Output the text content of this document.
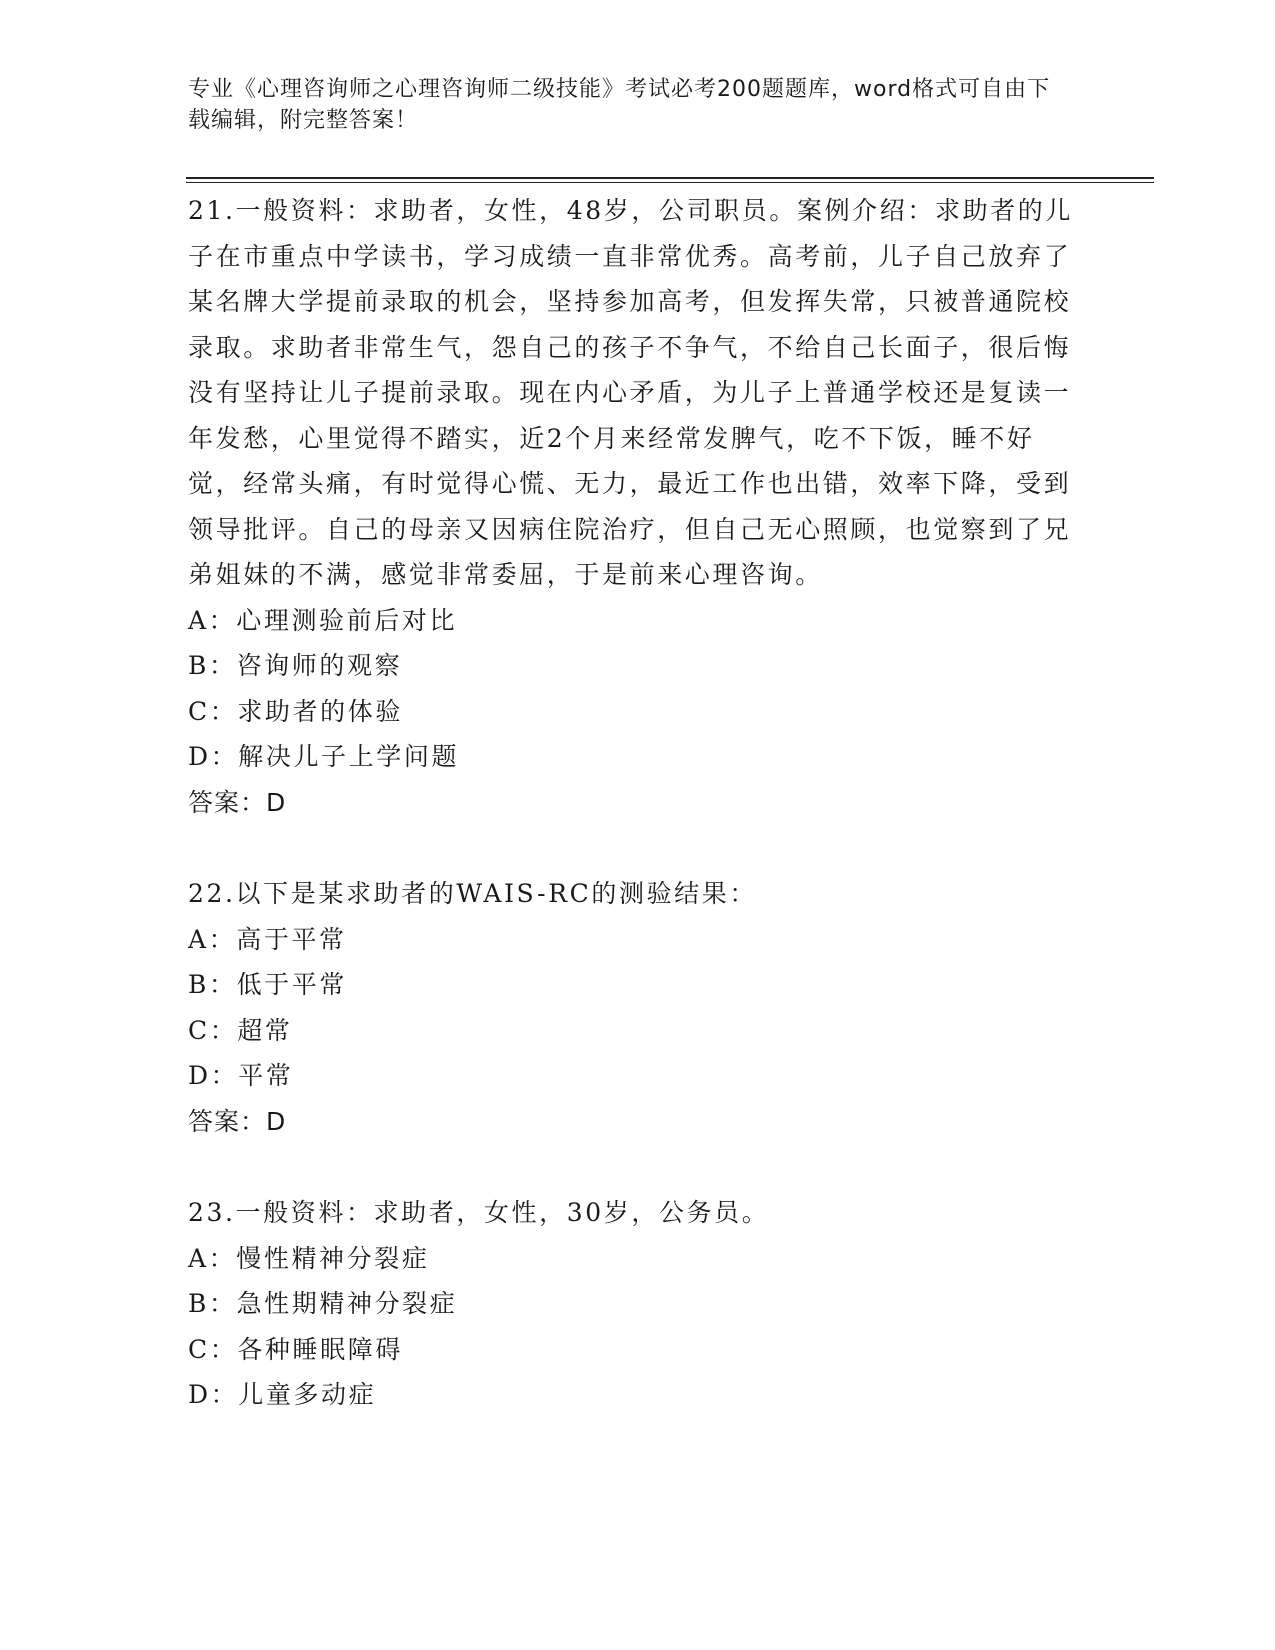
专业《心理咨询师之心理咨询师二级技能》考试必考200题题库，word格式可自由下载编辑，附完整答案！

21.一般资料：求助者，女性，48岁，公司职员。案例介绍：求助者的儿子在市重点中学读书，学习成绩一直非常优秀。高考前，儿子自己放弃了某名牌大学提前录取的机会，坚持参加高考，但发挥失常，只被普通院校录取。求助者非常生气，怨自己的孩子不争气，不给自己长面子，很后悔没有坚持让儿子提前录取。现在内心矛盾，为儿子上普通学校还是复读一年发愁，心里觉得不踏实，近2个月来经常发脾气，吃不下饭，睡不好觉，经常头痛，有时觉得心慌、无力，最近工作也出错，效率下降，受到领导批评。自己的母亲又因病住院治疗，但自己无心照顾，也觉察到了兄弟姐妹的不满，感觉非常委屈，于是前来心理咨询。

A：心理测验前后对比

B：咨询师的观察

C：求助者的体验

D：解决儿子上学问题

答案：D

22.以下是某求助者的WAIS-RC的测验结果：

A：高于平常

B：低于平常

C：超常

D：平常

答案：D

23.一般资料：求助者，女性，30岁，公务员。

A：慢性精神分裂症

B：急性期精神分裂症

C：各种睡眠障碍

D：儿童多动症
